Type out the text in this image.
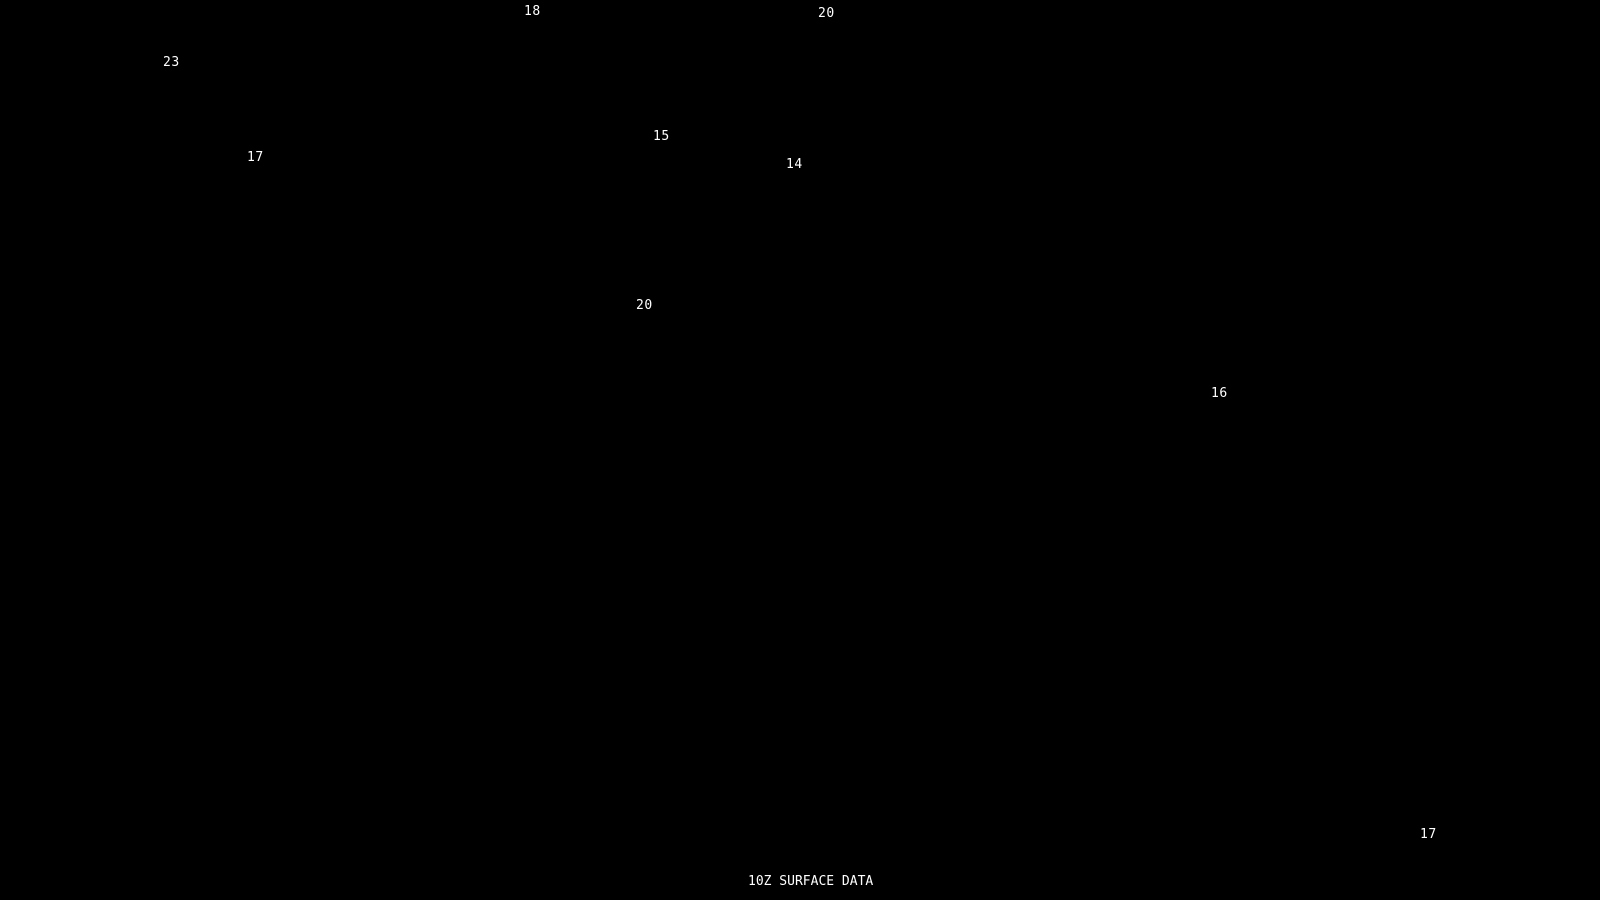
18	20
23
17
15
14
20
16
17
10Z SURFACE DATA
